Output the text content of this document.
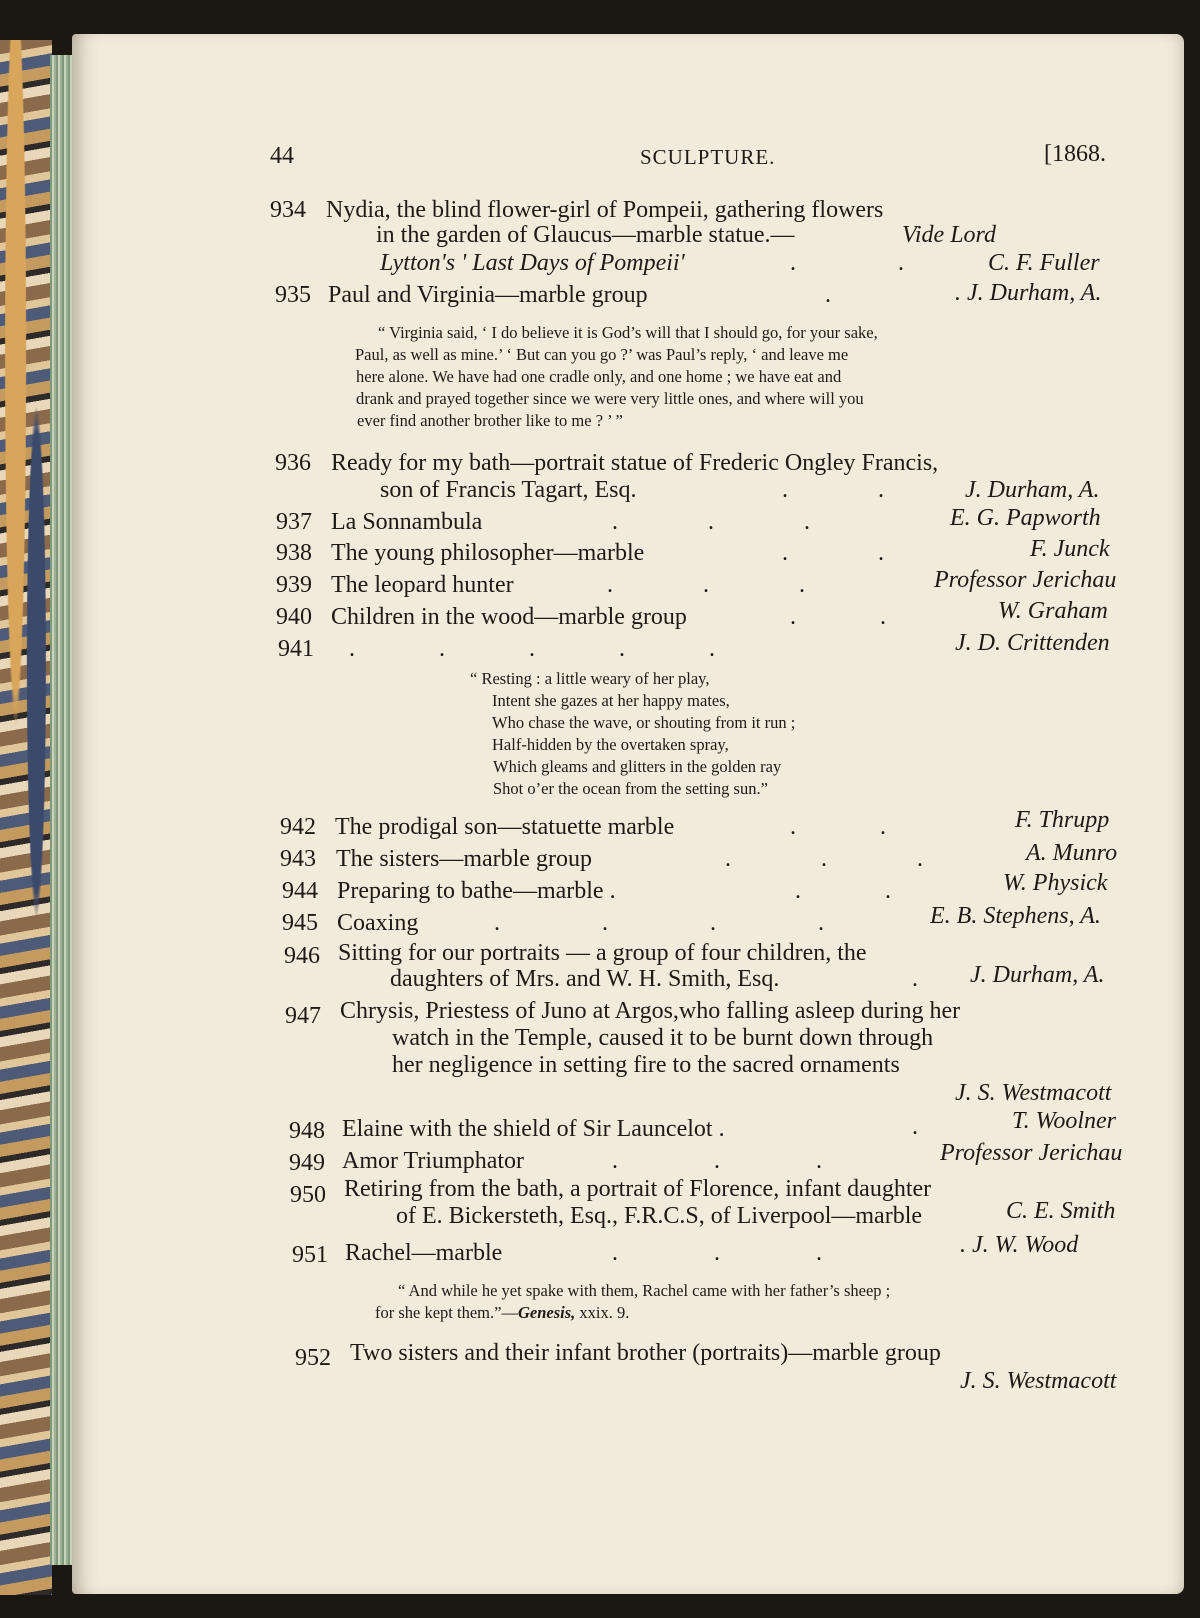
44	SCULPTURE.	[1868.
934 Nydia, the blind flower-girl of Pompeii, gathering flowers
in the garden of Glaucus—marble statue.—	Vide Lord
Lytton's ' Last Days of Pompeii'	.                 .	C. F. Fuller
935 Paul and Virginia—marble group	.	. J. Durham, A.
“ Virginia said, ‘ I do believe it is God’s will that I should go, for your sake,
Paul, as well as mine.’ ‘ But can you go ?’ was Paul’s reply, ‘ and leave me
here alone. We have had one cradle only, and one home ; we have eat and
drank and prayed together since we were very little ones, and where will you
ever find another brother like to me ? ’ ”
936 Ready for my bath—portrait statue of Frederic Ongley Francis,
son of Francis Tagart, Esq.	.               .	J. Durham, A.
937 La Sonnambula	.               .               .	E. G. Papworth
938 The young philosopher—marble	.               .	F. Junck
939 The leopard hunter	.               .               .	Professor Jerichau
940 Children in the wood—marble group	.              .	W. Graham
941 .              .              .              .              .	J. D. Crittenden
“ Resting : a little weary of her play,
Intent she gazes at her happy mates,
Who chase the wave, or shouting from it run ;
Half-hidden by the overtaken spray,
Which gleams and glitters in the golden ray
Shot o’er the ocean from the setting sun.”
942 The prodigal son—statuette marble	.              .	F. Thrupp
943 The sisters—marble group	.               .               .	A. Munro
944 Preparing to bathe—marble .	.              .	W. Physick
945 Coaxing	.                 .                 .                 .	E. B. Stephens, A.
946 Sitting for our portraits — a group of four children, the
daughters of Mrs. and W. H. Smith, Esq.	. J. Durham, A.
947 Chrysis, Priestess of Juno at Argos,who falling asleep during her
watch in the Temple, caused it to be burnt down through
her negligence in setting fire to the sacred ornaments
J. S. Westmacott
948 Elaine with the shield of Sir Launcelot .	.	T. Woolner
949 Amor Triumphator	.                .                .	Professor Jerichau
950 Retiring from the bath, a portrait of Florence, infant daughter
of E. Bickersteth, Esq., F.R.C.S, of Liverpool—marble	C. E. Smith
951 Rachel—marble	.                .                .	. J. W. Wood
“ And while he yet spake with them, Rachel came with her father’s sheep ;
for she kept them.”—Genesis, xxix. 9.
952 Two sisters and their infant brother (portraits)—marble group
J. S. Westmacott
